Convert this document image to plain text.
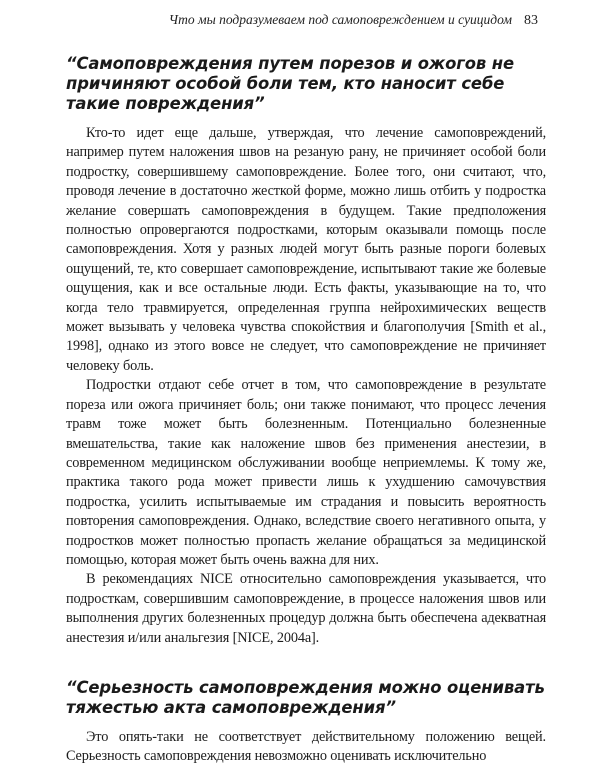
Что мы подразумеваем под самоповреждением и суицидом 83
“Самоповреждения путем порезов и ожогов не причиняют особой боли тем, кто наносит себе такие повреждения”

Кто-то идет еще дальше, утверждая, что лечение самоповреждений, например путем наложения швов на резаную рану, не причиняет особой боли подростку, совершившему самоповреждение. Более того, они считают, что, проводя лечение в достаточно жесткой форме, можно лишь отбить у подростка желание совершать самоповреждения в будущем. Такие предположения полностью опровергаются подростками, которым оказывали помощь после самоповреждения. Хотя у разных людей могут быть разные пороги болевых ощущений, те, кто совершает самоповреждение, испытывают такие же болевые ощущения, как и все остальные люди. Есть факты, указывающие на то, что когда тело травмируется, определенная группа нейрохимических веществ может вызывать у человека чувства спокойствия и благополучия [Smith et al., 1998], однако из этого вовсе не следует, что самоповреждение не причиняет человеку боль.

Подростки отдают себе отчет в том, что самоповреждение в результате пореза или ожога причиняет боль; они также понимают, что процесс лечения травм тоже может быть болезненным. Потенциально болезненные вмешательства, такие как наложение швов без применения анестезии, в современном медицинском обслуживании вообще неприемлемы. К тому же, практика такого рода может привести лишь к ухудшению самочувствия подростка, усилить испытываемые им страдания и повысить вероятность повторения самоповреждения. Однако, вследствие своего негативного опыта, у подростков может полностью пропасть желание обращаться за медицинской помощью, которая может быть очень важна для них.

В рекомендациях NICE относительно самоповреждения указывается, что подросткам, совершившим самоповреждение, в процессе наложения швов или выполнения других болезненных процедур должна быть обеспечена адекватная анестезия и/или анальгезия [NICE, 2004a].

“Серьезность самоповреждения можно оценивать тяжестью акта самоповреждения”

Это опять-таки не соответствует действительному положению вещей. Серьезность самоповреждения невозможно оценивать исключительно
